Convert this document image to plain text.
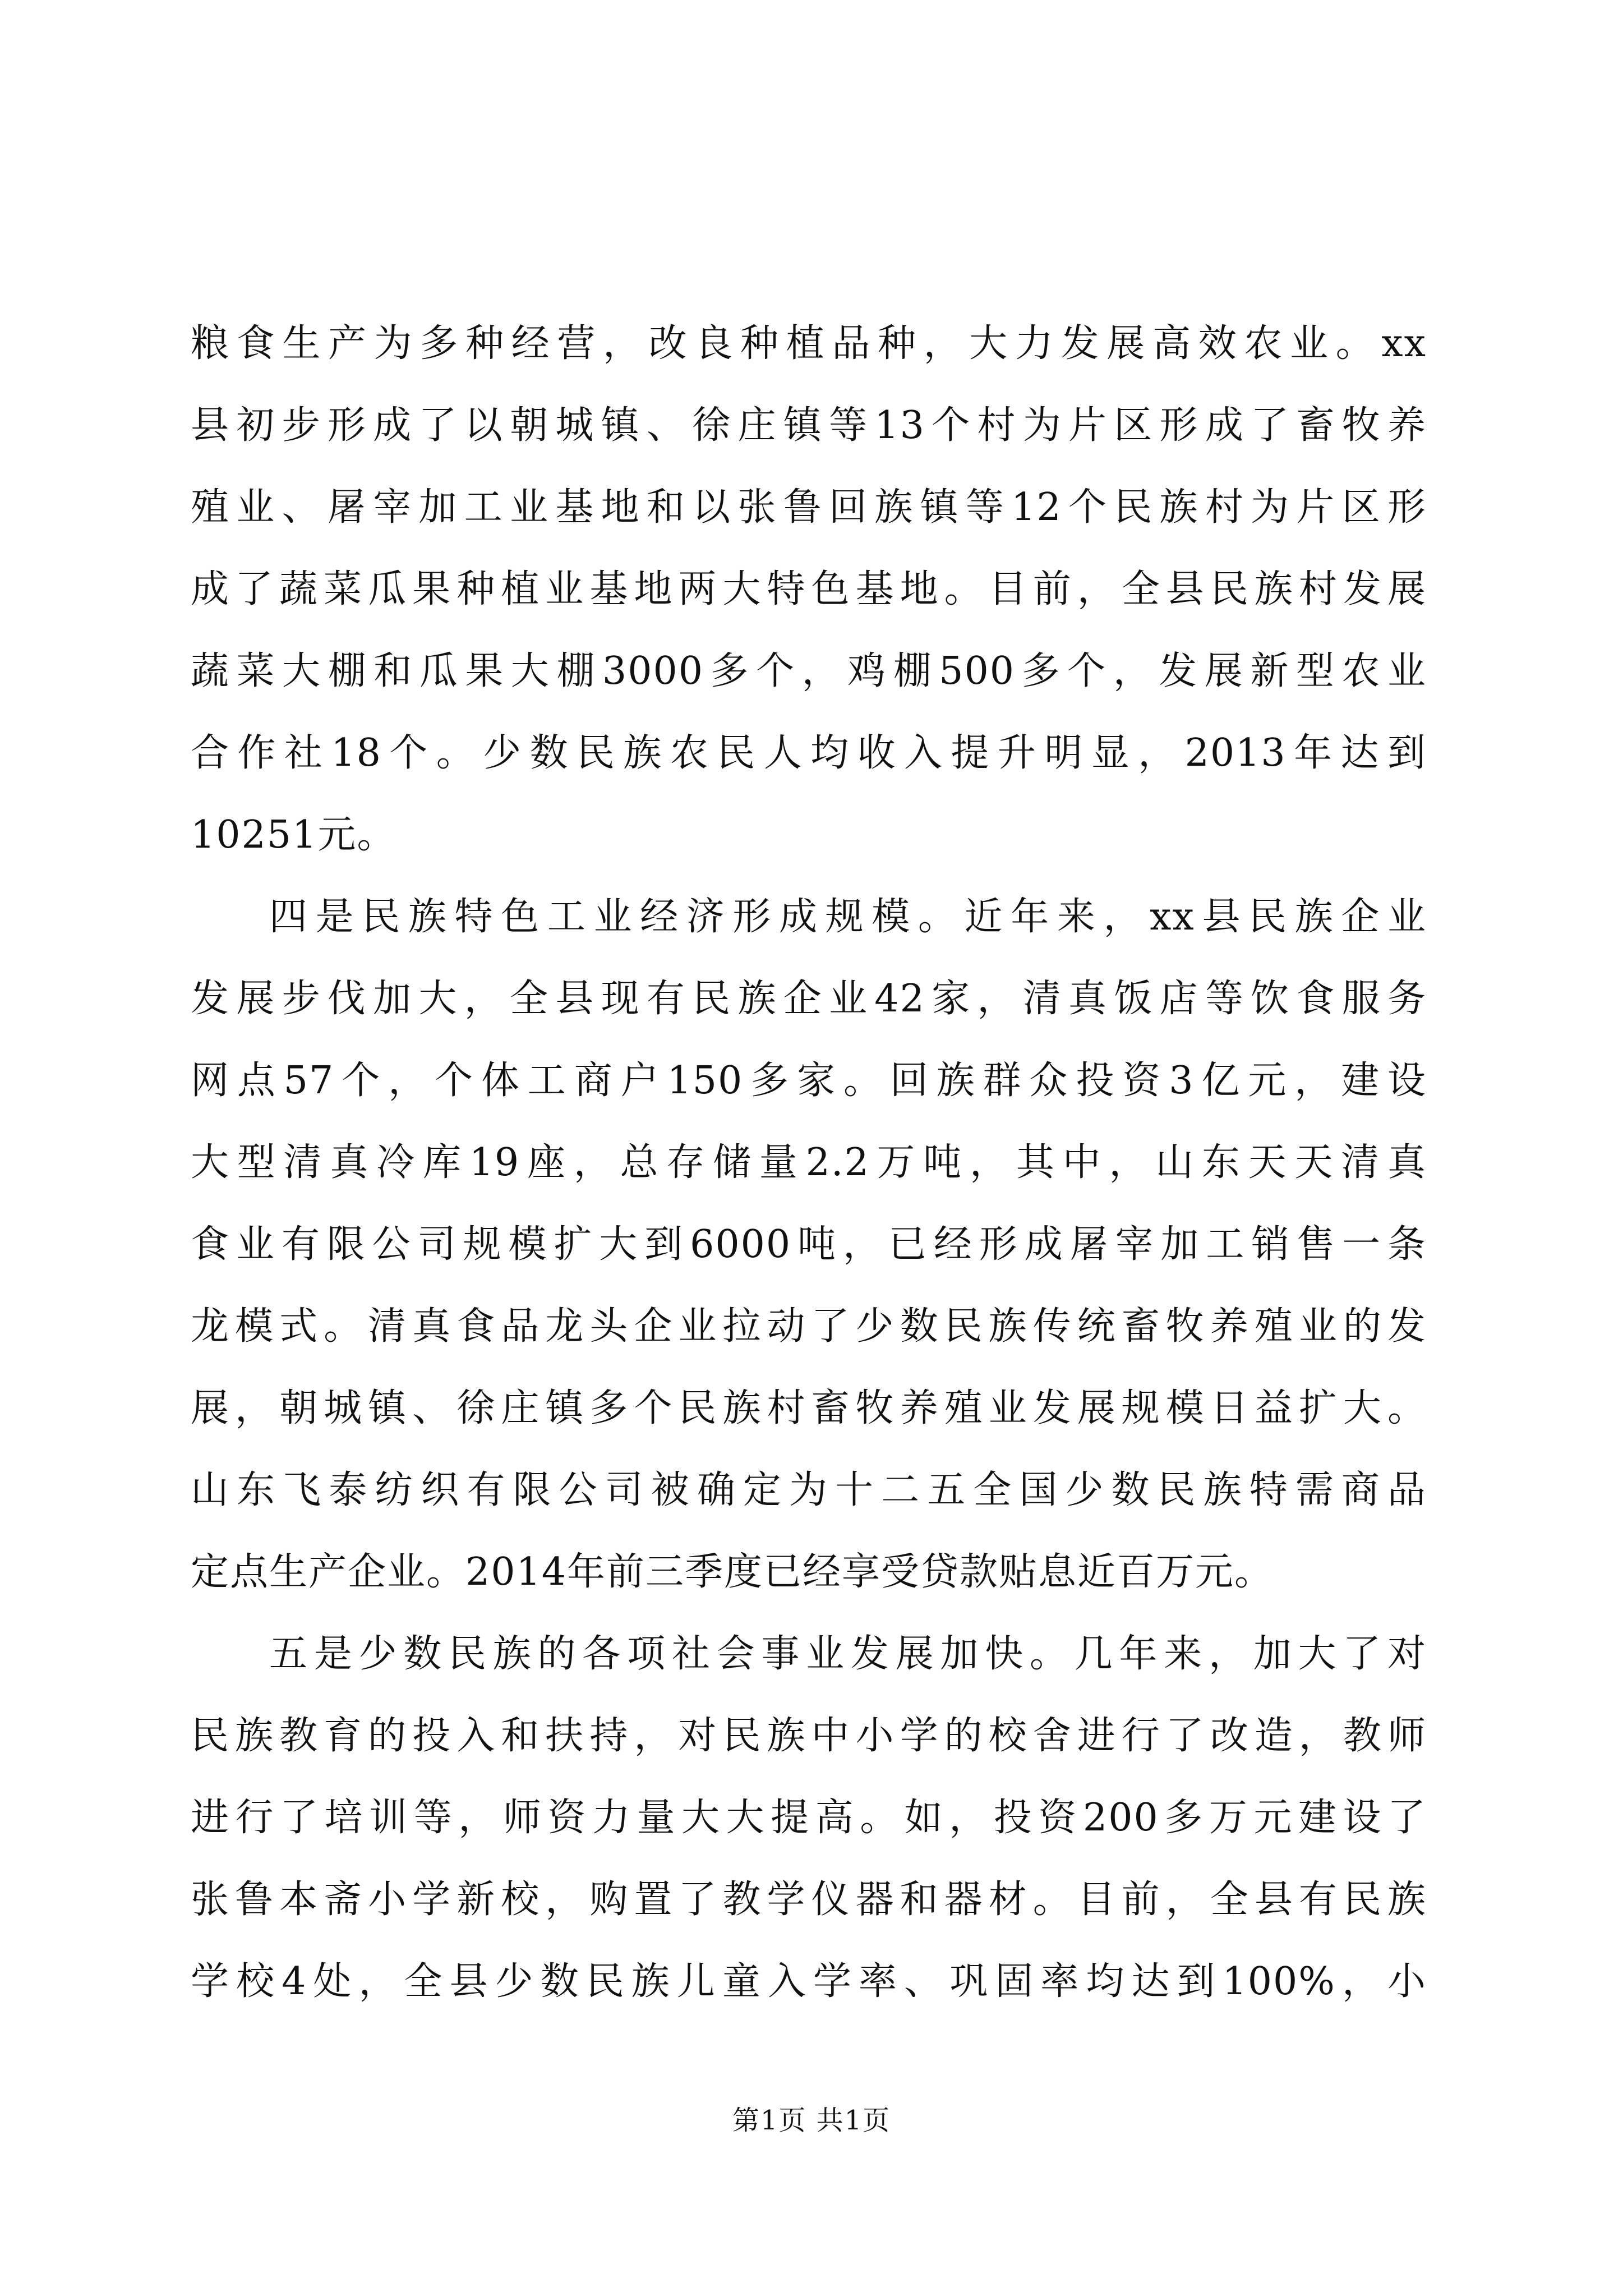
粮食生产为多种经营，改良种植品种，大力发展高效农业。xx
县初步形成了以朝城镇、徐庄镇等13个村为片区形成了畜牧养
殖业、屠宰加工业基地和以张鲁回族镇等12个民族村为片区形
成了蔬菜瓜果种植业基地两大特色基地。目前，全县民族村发展
蔬菜大棚和瓜果大棚3000多个，鸡棚500多个，发展新型农业
合作社18个。少数民族农民人均收入提升明显，2013年达到
10251元。
四是民族特色工业经济形成规模。近年来，xx县民族企业
发展步伐加大，全县现有民族企业42家，清真饭店等饮食服务
网点57个，个体工商户150多家。回族群众投资3亿元，建设
大型清真冷库19座，总存储量2.2万吨，其中，山东天天清真
食业有限公司规模扩大到6000吨，已经形成屠宰加工销售一条
龙模式。清真食品龙头企业拉动了少数民族传统畜牧养殖业的发
展，朝城镇、徐庄镇多个民族村畜牧养殖业发展规模日益扩大。
山东飞泰纺织有限公司被确定为十二五全国少数民族特需商品
定点生产企业。2014年前三季度已经享受贷款贴息近百万元。
五是少数民族的各项社会事业发展加快。几年来，加大了对
民族教育的投入和扶持，对民族中小学的校舍进行了改造，教师
进行了培训等，师资力量大大提高。如，投资200多万元建设了
张鲁本斋小学新校，购置了教学仪器和器材。目前，全县有民族
学校4处，全县少数民族儿童入学率、巩固率均达到100%，小
第1页 共1页
